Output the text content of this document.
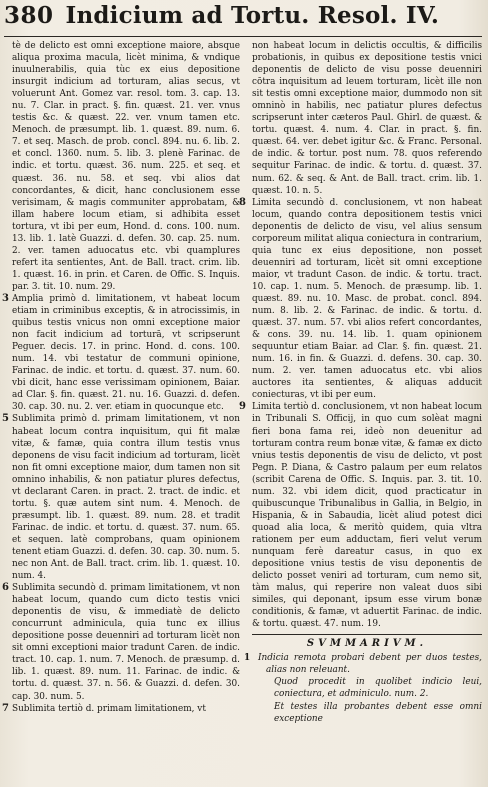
380 Indicium ad Tortu. Resol. IV.

tè de delicto est omni exceptione maiore, absque aliqua proxima macula, licèt minima, & vndique inuulnerabilis, quia tùc ex eius depositione insurgit indicium ad torturam, alias secus, vt voluerunt Ant. Gomez var. resol. tom. 3. cap. 13. nu. 7. Clar. in pract. §. fin. quæst. 21. ver. vnus testis &c. & quæst. 22. ver. vnum tamen etc. Menoch. de præsumpt. lib. 1. quæst. 89. num. 6. 7. et seq. Masch. de prob. concl. 894. nu. 6. lib. 2. et concl. 1360. num. 5. lib. 3. plenè Farinac. de indic. et tortu. quæst. 36. num. 225. et seq. et quæst. 36. nu. 58. et seq. vbi alios dat concordantes, & dicit, hanc conclusionem esse verisimam, & magis communiter approbatam, & illam habere locum etiam, si adhibita esset tortura, vt ibi per eum, Hond. d. cons. 100. num. 13. lib. 1. latè Guazzi. d. defen. 30. cap. 25. num. 2. ver. tamen aduocatus etc. vbi quamplures refert ita sentientes, Ant. de Ball. tract. crim. lib. 1. quæst. 16. in prin. et Caren. de Offic. S. Inquis. par. 3. tit. 10. num. 29.

3 Amplia primò d. limitationem, vt habeat locum etiam in criminibus exceptis, & in atrocissimis, in quibus testis vnicus non omni exceptione maior non facit indicium ad torturā, vt scripserunt Peguer. decis. 17. in princ. Hond. d. cons. 100. num. 14. vbi testatur de communi opinione, Farinac. de indic. et tortu. d. quæst. 37. num. 60. vbi dicit, hanc esse verissimam opinionem, Baiar. ad Clar. §. fin. quæst. 21. nu. 16. Guazzi. d. defen. 30. cap. 30. nu. 2. ver. etiam in quocunque etc.

5 Sublimita primò d. primam limitationem, vt non habeat locum contra inquisitum, qui fit malæ vitæ, & famæ, quia contra illum testis vnus deponens de visu facit indicium ad torturam, licèt non fit omni exceptione maior, dum tamen non sit omnino inhabilis, & non patiatur plures defectus, vt declarant Caren. in pract. 2. tract. de indic. et tortu. §. quæ autem sint num. 4. Menoch. de præsumpt. lib. 1. quæst. 89. num. 28. et tradit Farinac. de indic. et tortu. d. quæst. 37. num. 65. et sequen. latè comprobans, quam opinionem tenent etiam Guazzi. d. defen. 30. cap. 30. num. 5. nec non Ant. de Ball. tract. crim. lib. 1. quæst. 10. num. 4.

6 Sublimita secundò d. primam limitationem, vt non habeat locum, quando cum dicto testis vnici deponentis de visu, & immediatè de delicto concurrunt adminicula, quia tunc ex illius depositione posse deuenniri ad torturam licèt non sit omni exceptioni maior tradunt Caren. de indic. tract. 10. cap. 1. num. 7. Menoch. de præsump. d. lib. 1. quæst. 89. num. 11. Farinac. de indic. & tortu. d. quæst. 37. n. 56. & Guazzi. d. defen. 30. cap. 30. num. 5.

7 Sublimita tertiò d. primam limitationem, vt

non habeat locum in delictis occultis, & difficilis probationis, in quibus ex depositione testis vnici deponentis de delicto de visu posse deuenniri cōtra inquisitum ad leuem torturam, licèt ille non sit testis omni exceptione maior, dummodo non sit omninò in habilis, nec patiatur plures defectus scripserunt inter cæteros Paul. Ghirl. de quæst. & tortu. quæst. 4. num. 4. Clar. in pract. §. fin. quæst. 64. ver. debet igitur &c. & Franc. Personal. de indic. & tortur. post num. 78. quos referendo sequitur Farinac. de indic. & tortu. d. quæst. 37. num. 62. & seq. & Ant. de Ball. tract. crim. lib. 1. quæst. 10. n. 5.

8 Limita secundò d. conclusionem, vt non habeat locum, quando contra depositionem testis vnici deponentis de delicto de visu, vel alius sensum corporeum militat aliqua coniectura in contrarium, quia tunc ex eius depositione, non posset deuenniri ad torturam, licèt sit omni exceptione maior, vt tradunt Cason. de indic. & tortu. tract. 10. cap. 1. num. 5. Menoch. de præsump. lib. 1. quæst. 89. nu. 10. Masc. de probat. concl. 894. num. 8. lib. 2. & Farinac. de indic. & tortu. d. quæst. 37. num. 57. vbi alios refert concordantes, & cons. 39. nu. 14. lib. 1. quam opinionem sequuntur etiam Baiar. ad Clar. §. fin. quæst. 21. num. 16. in fin. & Guazzi. d. defens. 30. cap. 30. num. 2. ver. tamen aduocatus etc. vbi alios auctores ita sentientes, & aliquas adducit coniecturas, vt ibi per eum.

9 Limita tertiò d. conclusionem, vt non habeat locum in Tribunali S. Officij, in quo cum solèat magni fieri bona fama rei, ideò non deuenitur ad torturam contra reum bonæ vitæ, & famæ ex dicto vnius testis deponentis de visu de delicto, vt post Pegn. P. Diana, & Castro palaum per eum relatos (scribit Carena de Offic. S. Inquis. par. 3. tit. 10. num. 32. vbi idem dicit, quod practicatur in quibuscunque Tribunalibus in Gallia, in Belgio, in Hispania, & in Sabaudia, licèt aliud potest dici quoad alia loca, & meritò quidem, quia vltra rationem per eum adductam, fieri velut verum nunquam ferè dareatur casus, in quo ex depositione vnius testis de visu deponentis de delicto posset veniri ad torturam, cum nemo sit, tàm malus, qui reperire non valeat duos sibi similes, qui deponant, ipsum esse virum bonæ conditionis, & famæ, vt aduertit Farinac. de indic. & tortu. quæst. 47. num. 19.

SVMMARIVM.
1 Indicia remota probari debent per duos testes, alias non releuant.
Quod procedit in quolibet indicio leui, coniectura, et adminiculo. num. 2.
Et testes illa probantes debent esse omni exceptione
